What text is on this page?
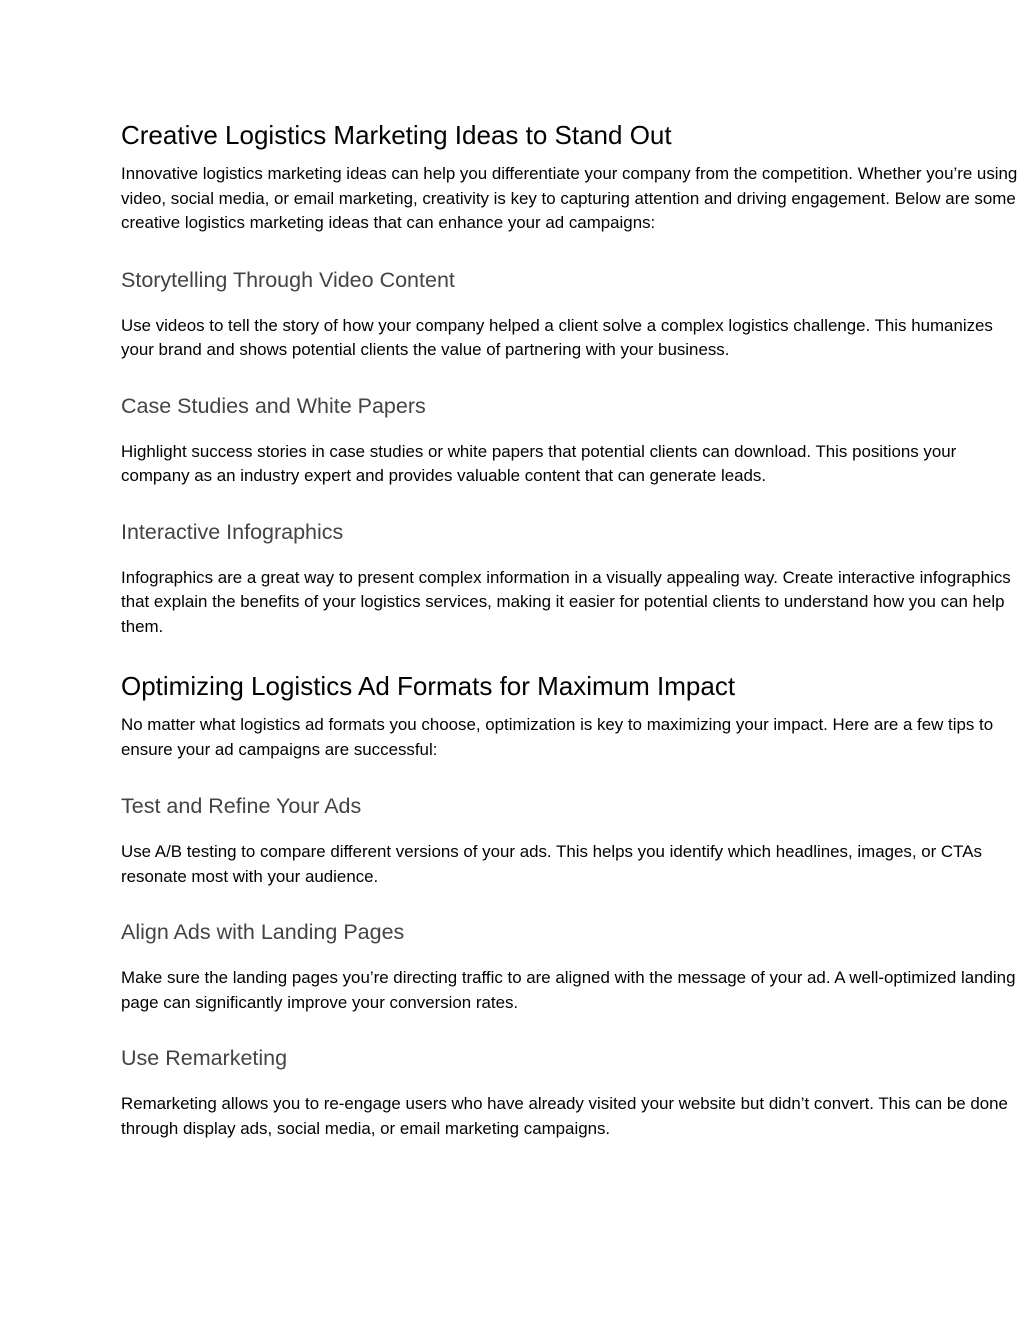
Creative Logistics Marketing Ideas to Stand Out

Innovative logistics marketing ideas can help you differentiate your company from the competition. Whether you’re using video, social media, or email marketing, creativity is key to capturing attention and driving engagement. Below are some creative logistics marketing ideas that can enhance your ad campaigns:

Storytelling Through Video Content

Use videos to tell the story of how your company helped a client solve a complex logistics challenge. This humanizes your brand and shows potential clients the value of partnering with your business.

Case Studies and White Papers

Highlight success stories in case studies or white papers that potential clients can download. This positions your company as an industry expert and provides valuable content that can generate leads.

Interactive Infographics

Infographics are a great way to present complex information in a visually appealing way. Create interactive infographics that explain the benefits of your logistics services, making it easier for potential clients to understand how you can help them.

Optimizing Logistics Ad Formats for Maximum Impact

No matter what logistics ad formats you choose, optimization is key to maximizing your impact. Here are a few tips to ensure your ad campaigns are successful:

Test and Refine Your Ads

Use A/B testing to compare different versions of your ads. This helps you identify which headlines, images, or CTAs resonate most with your audience.

Align Ads with Landing Pages

Make sure the landing pages you’re directing traffic to are aligned with the message of your ad. A well-optimized landing page can significantly improve your conversion rates.

Use Remarketing

Remarketing allows you to re-engage users who have already visited your website but didn’t convert. This can be done through display ads, social media, or email marketing campaigns.
